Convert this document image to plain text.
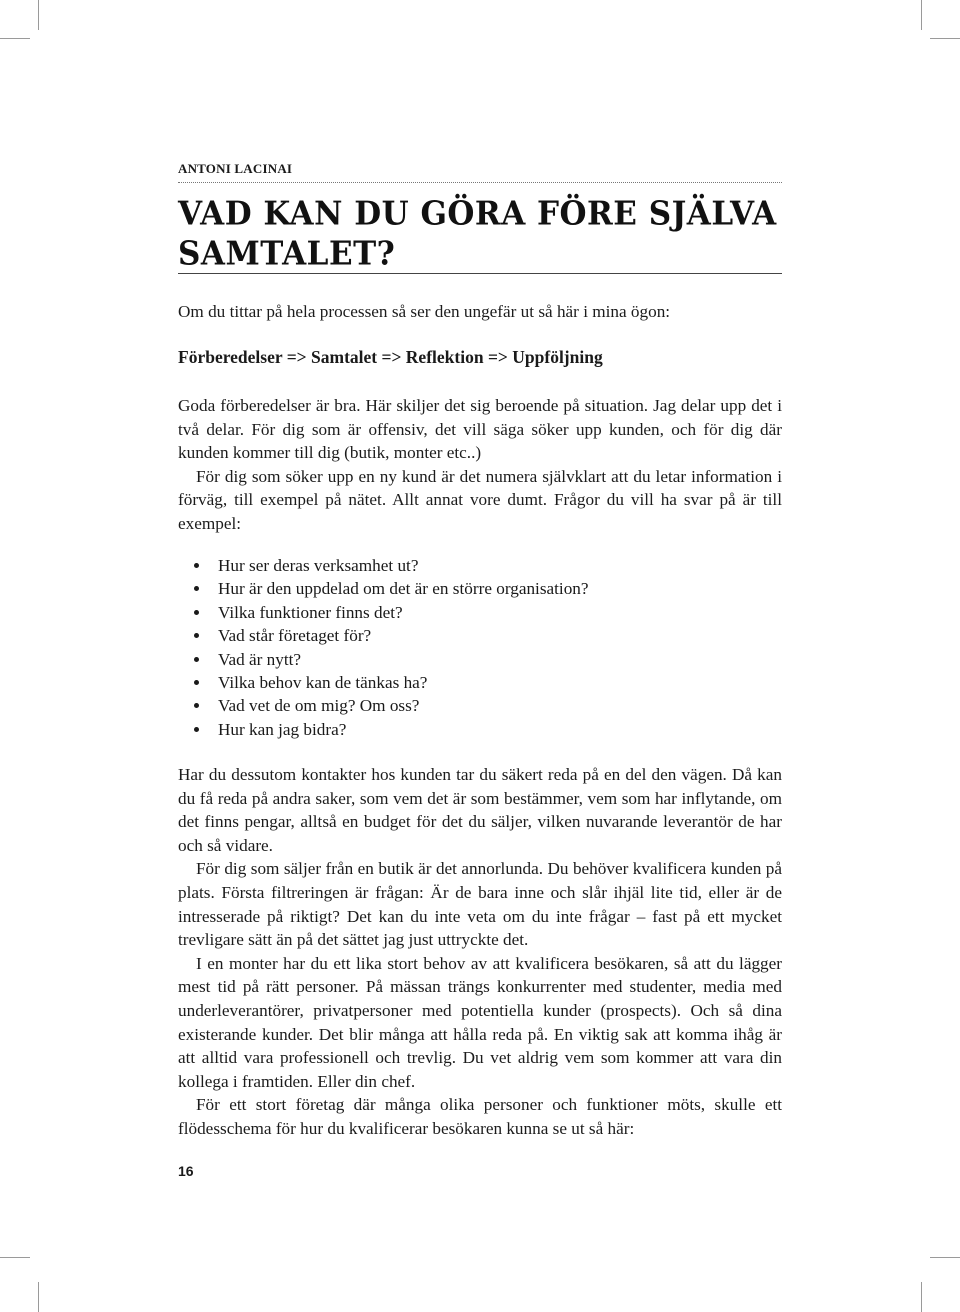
ANTONI LACINAI
VAD KAN DU GÖRA FÖRE SJÄLVA SAMTALET?

Om du tittar på hela processen så ser den ungefär ut så här i mina ögon:

Förberedelser => Samtalet => Reflektion => Uppföljning

Goda förberedelser är bra. Här skiljer det sig beroende på situation. Jag delar upp det i två delar. För dig som är offensiv, det vill säga söker upp kunden, och för dig där kunden kommer till dig (butik, monter etc..)

För dig som söker upp en ny kund är det numera självklart att du letar information i förväg, till exempel på nätet. Allt annat vore dumt. Frågor du vill ha svar på är till exempel:

Hur ser deras verksamhet ut?
Hur är den uppdelad om det är en större organisation?
Vilka funktioner finns det?
Vad står företaget för?
Vad är nytt?
Vilka behov kan de tänkas ha?
Vad vet de om mig? Om oss?
Hur kan jag bidra?

Har du dessutom kontakter hos kunden tar du säkert reda på en del den vägen. Då kan du få reda på andra saker, som vem det är som bestämmer, vem som har inflytande, om det finns pengar, alltså en budget för det du säljer, vilken nuvarande leverantör de har och så vidare.

För dig som säljer från en butik är det annorlunda. Du behöver kvalificera kunden på plats. Första filtreringen är frågan: Är de bara inne och slår ihjäl lite tid, eller är de intresserade på riktigt? Det kan du inte veta om du inte frågar – fast på ett mycket trevligare sätt än på det sättet jag just uttryckte det.

I en monter har du ett lika stort behov av att kvalificera besökaren, så att du lägger mest tid på rätt personer. På mässan trängs konkurrenter med studenter, media med underleverantörer, privatpersoner med potentiella kunder (prospects). Och så dina existerande kunder. Det blir många att hålla reda på. En viktig sak att komma ihåg är att alltid vara professionell och trevlig. Du vet aldrig vem som kommer att vara din kollega i framtiden. Eller din chef.

För ett stort företag där många olika personer och funktioner möts, skulle ett flödesschema för hur du kvalificerar besökaren kunna se ut så här:

16
